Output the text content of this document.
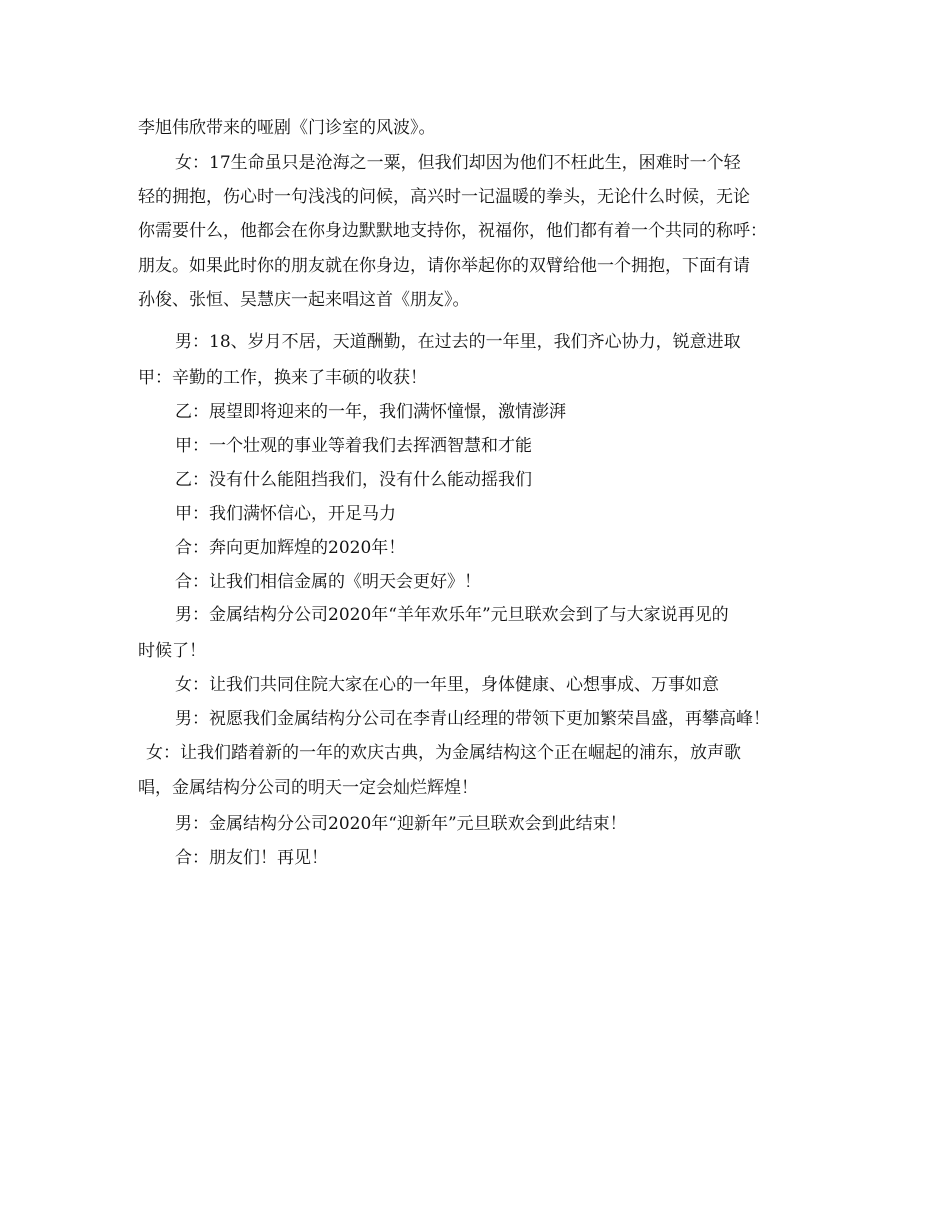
李旭伟欣带来的哑剧《门诊室的风波》。
女：17生命虽只是沧海之一粟，但我们却因为他们不枉此生，困难时一个轻
轻的拥抱，伤心时一句浅浅的问候，高兴时一记温暖的拳头，无论什么时候，无论
你需要什么，他都会在你身边默默地支持你，祝福你，他们都有着一个共同的称呼：
朋友。如果此时你的朋友就在你身边，请你举起你的双臂给他一个拥抱，下面有请
孙俊、张恒、吴慧庆一起来唱这首《朋友》。
男：18、岁月不居，天道酬勤，在过去的一年里，我们齐心协力，锐意进取
甲：辛勤的工作，换来了丰硕的收获！
乙：展望即将迎来的一年，我们满怀憧憬，激情澎湃
甲：一个壮观的事业等着我们去挥洒智慧和才能
乙：没有什么能阻挡我们，没有什么能动摇我们
甲：我们满怀信心，开足马力
合：奔向更加辉煌的2020年！
合：让我们相信金属的《明天会更好》！
男：金属结构分公司2020年“羊年欢乐年”元旦联欢会到了与大家说再见的
时候了！
女：让我们共同住院大家在心的一年里，身体健康、心想事成、万事如意
男：祝愿我们金属结构分公司在李青山经理的带领下更加繁荣昌盛，再攀高峰！
女：让我们踏着新的一年的欢庆古典，为金属结构这个正在崛起的浦东，放声歌
唱，金属结构分公司的明天一定会灿烂辉煌！
男：金属结构分公司2020年“迎新年”元旦联欢会到此结束！
合：朋友们！再见！
